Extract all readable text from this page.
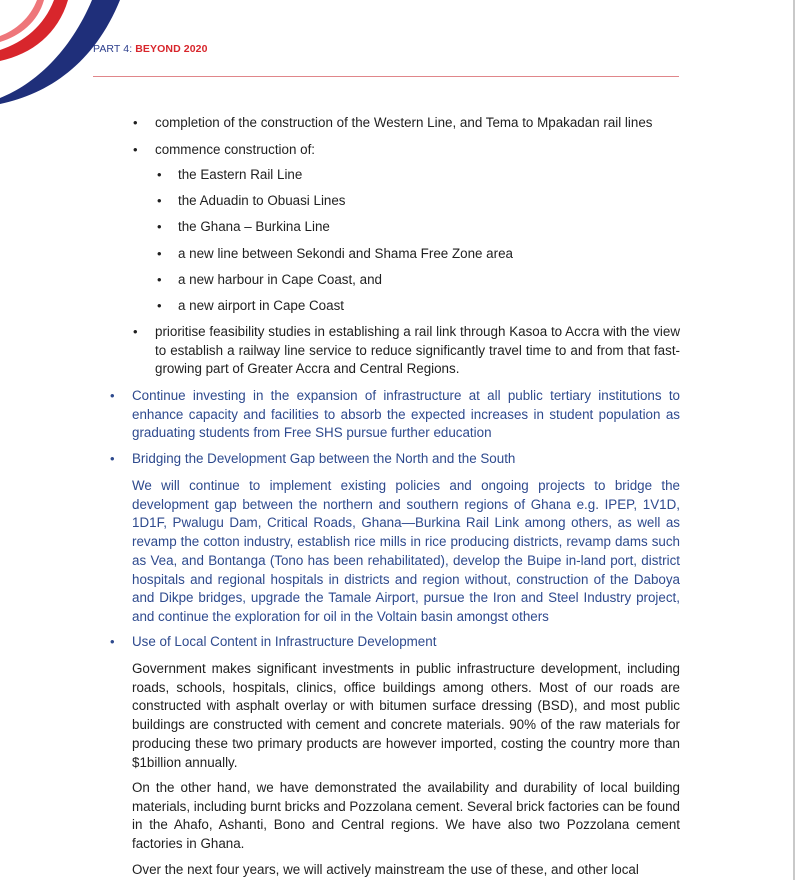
PART 4: BEYOND 2020
• completion of the construction of the Western Line, and Tema to Mpakadan rail lines

• commence construction of:

• the Eastern Rail Line

• the Aduadin to Obuasi Lines

• the Ghana – Burkina Line

• a new line between Sekondi and Shama Free Zone area

• a new harbour in Cape Coast, and

• a new airport in Cape Coast

• prioritise feasibility studies in establishing a rail link through Kasoa to Accra with the view to establish a railway line service to reduce significantly travel time to and from that fast-growing part of Greater Accra and Central Regions.

• Continue investing in the expansion of infrastructure at all public tertiary institutions to enhance capacity and facilities to absorb the expected increases in student population as graduating students from Free SHS pursue further education

• Bridging the Development Gap between the North and the South

We will continue to implement existing policies and ongoing projects to bridge the development gap between the northern and southern regions of Ghana e.g. IPEP, 1V1D, 1D1F, Pwalugu Dam, Critical Roads, Ghana—Burkina Rail Link among others, as well as revamp the cotton industry, establish rice mills in rice producing districts, revamp dams such as Vea, and Bontanga (Tono has been rehabilitated), develop the Buipe in-land port, district hospitals and regional hospitals in districts and region without, construction of the Daboya and Dikpe bridges, upgrade the Tamale Airport, pursue the Iron and Steel Industry project, and continue the exploration for oil in the Voltain basin amongst others

• Use of Local Content in Infrastructure Development

Government makes significant investments in public infrastructure development, including roads, schools, hospitals, clinics, office buildings among others. Most of our roads are constructed with asphalt overlay or with bitumen surface dressing (BSD), and most public buildings are constructed with cement and concrete materials. 90% of the raw materials for producing these two primary products are however imported, costing the country more than $1billion annually.

On the other hand, we have demonstrated the availability and durability of local building materials, including burnt bricks and Pozzolana cement. Several brick factories can be found in the Ahafo, Ashanti, Bono and Central regions. We have also two Pozzolana cement factories in Ghana.

Over the next four years, we will actively mainstream the use of these, and other local
